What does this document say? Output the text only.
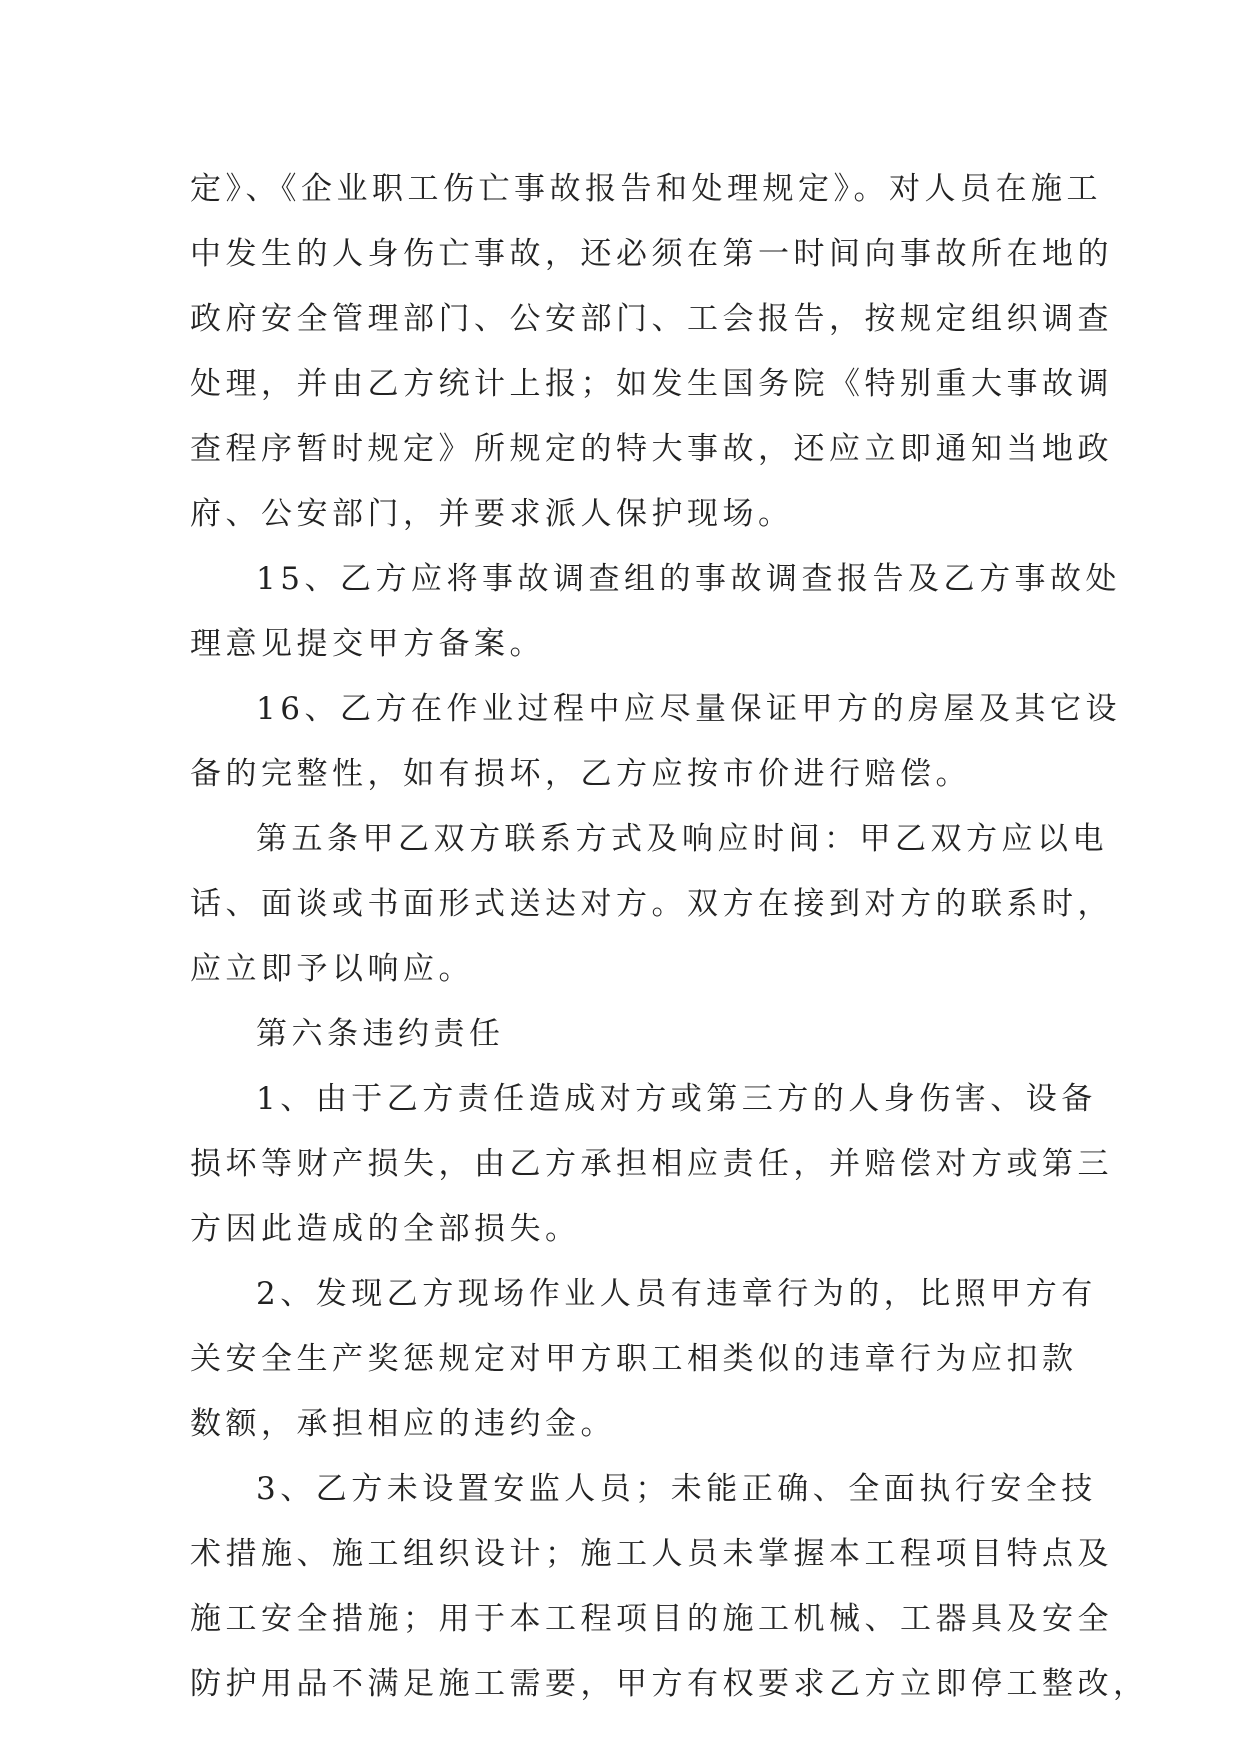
定》、《企业职工伤亡事故报告和处理规定》。对人员在施工
中发生的人身伤亡事故，还必须在第一时间向事故所在地的
政府安全管理部门、公安部门、工会报告，按规定组织调查
处理，并由乙方统计上报；如发生国务院《特别重大事故调
查程序暂时规定》所规定的特大事故，还应立即通知当地政
府、公安部门，并要求派人保护现场。
15、乙方应将事故调查组的事故调查报告及乙方事故处
理意见提交甲方备案。
16、乙方在作业过程中应尽量保证甲方的房屋及其它设
备的完整性，如有损坏，乙方应按市价进行赔偿。
第五条甲乙双方联系方式及响应时间：甲乙双方应以电
话、面谈或书面形式送达对方。双方在接到对方的联系时，
应立即予以响应。
第六条违约责任
1、由于乙方责任造成对方或第三方的人身伤害、设备
损坏等财产损失，由乙方承担相应责任，并赔偿对方或第三
方因此造成的全部损失。
2、发现乙方现场作业人员有违章行为的，比照甲方有
关安全生产奖惩规定对甲方职工相类似的违章行为应扣款
数额，承担相应的违约金。
3、乙方未设置安监人员；未能正确、全面执行安全技
术措施、施工组织设计；施工人员未掌握本工程项目特点及
施工安全措施；用于本工程项目的施工机械、工器具及安全
防护用品不满足施工需要，甲方有权要求乙方立即停工整改，
